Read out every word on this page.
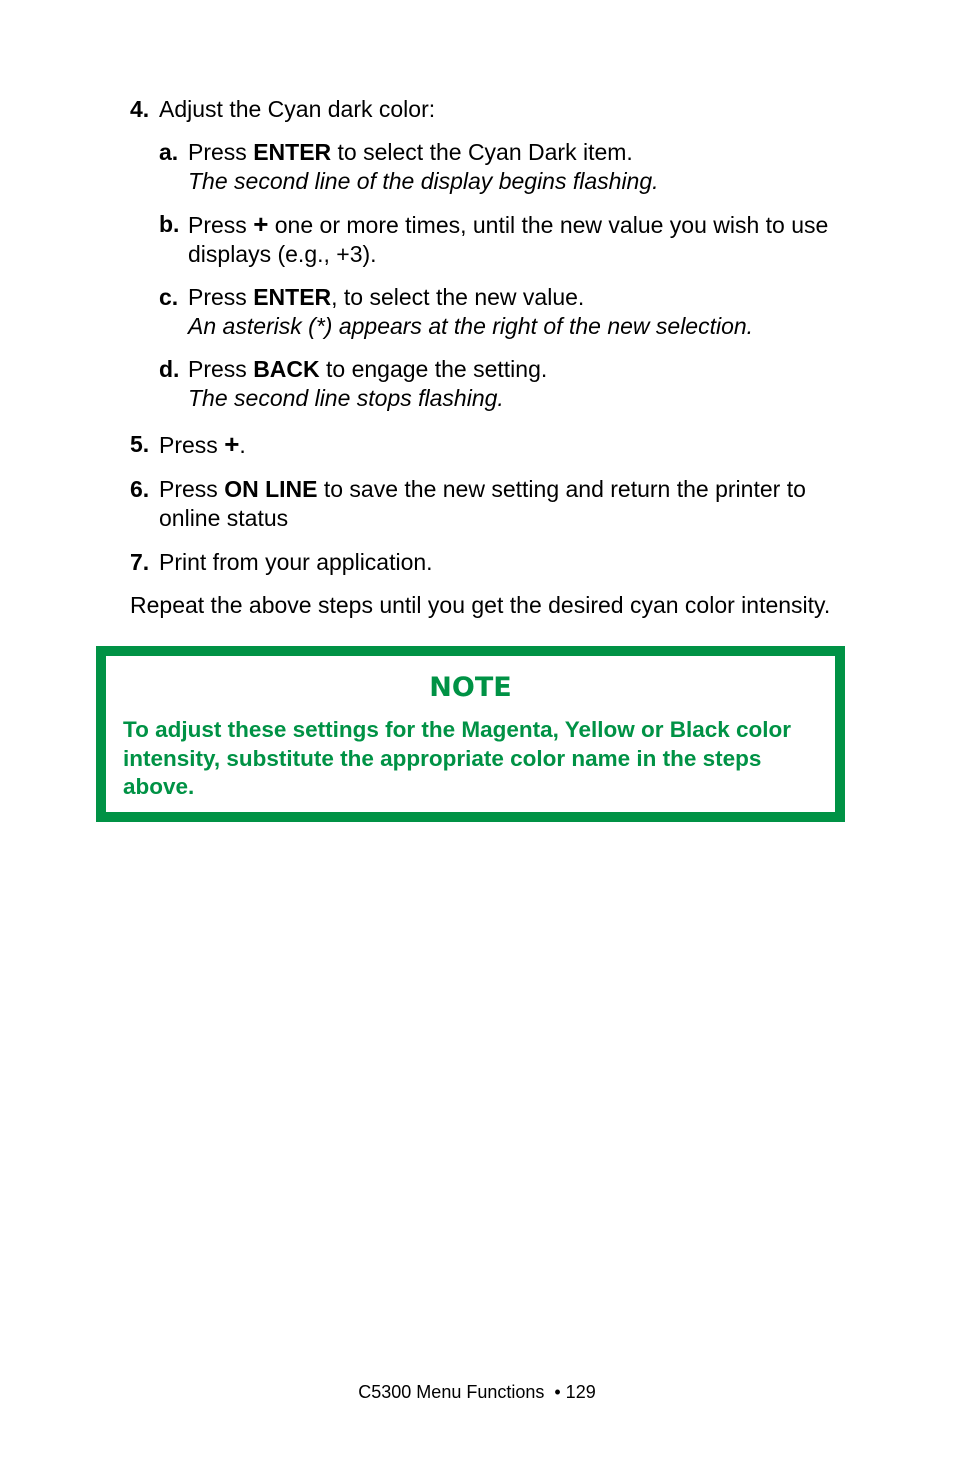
4. Adjust the Cyan dark color:
a. Press ENTER to select the Cyan Dark item.
The second line of the display begins flashing.
b. Press + one or more times, until the new value you wish to use displays (e.g., +3).
c. Press ENTER, to select the new value.
An asterisk (*) appears at the right of the new selection.
d. Press BACK to engage the setting.
The second line stops flashing.
5. Press +.
6. Press ON LINE to save the new setting and return the printer to online status
7. Print from your application.
Repeat the above steps until you get the desired cyan color intensity.
NOTE
To adjust these settings for the Magenta, Yellow or Black color intensity, substitute the appropriate color name in the steps above.
C5300 Menu Functions  • 129
